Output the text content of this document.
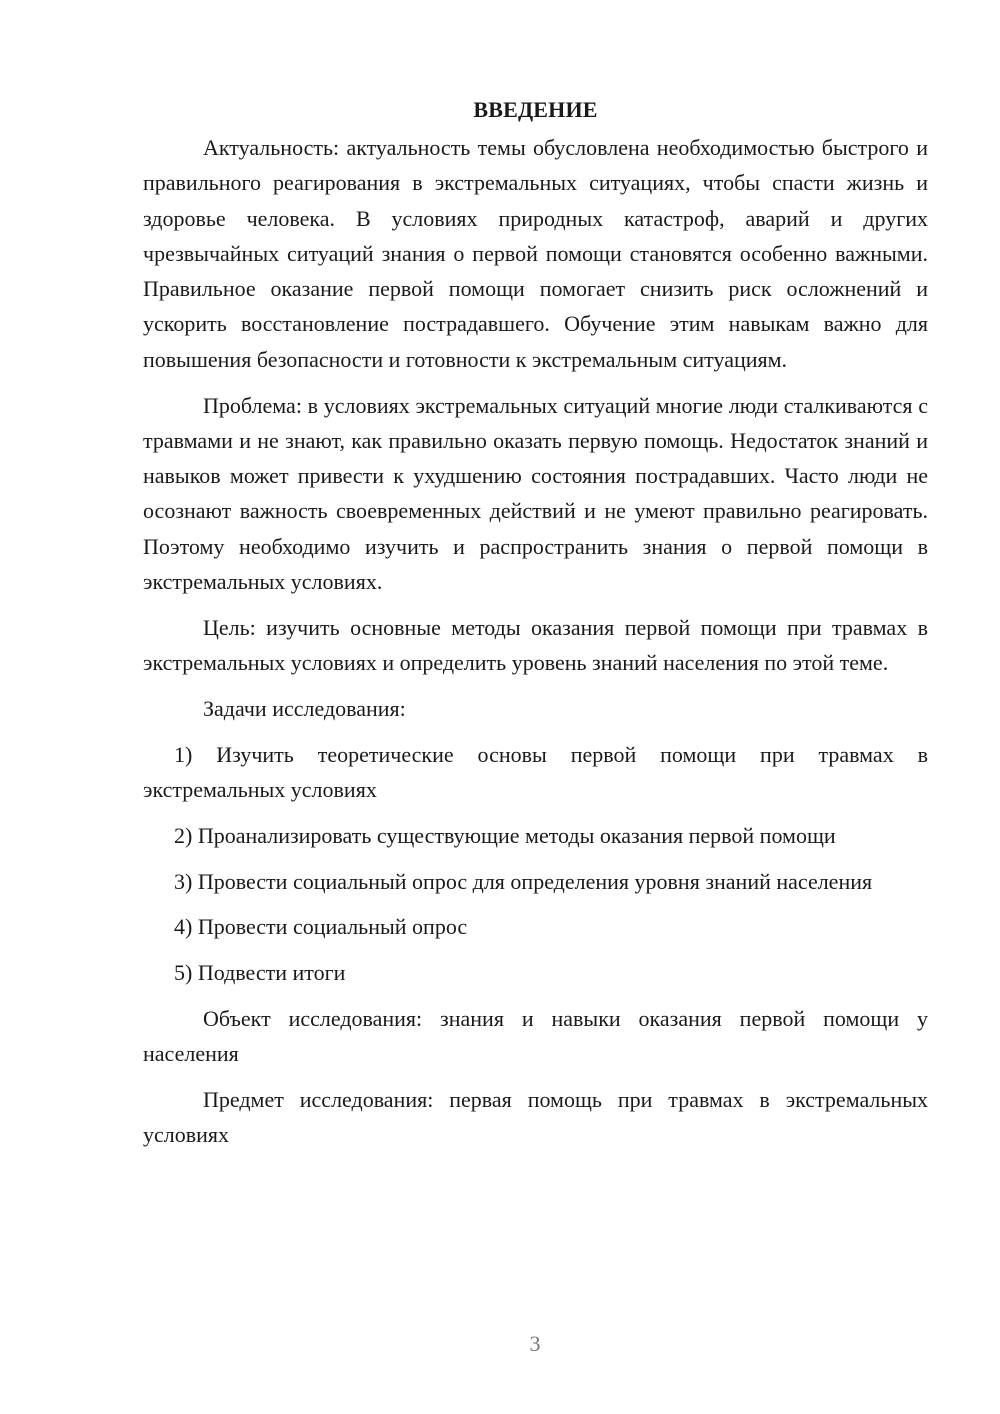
ВВЕДЕНИЕ

Актуальность: актуальность темы обусловлена необходимостью быстрого и правильного реагирования в экстремальных ситуациях, чтобы спасти жизнь и здоровье человека. В условиях природных катастроф, аварий и других чрезвычайных ситуаций знания о первой помощи становятся особенно важными. Правильное оказание первой помощи помогает снизить риск осложнений и ускорить восстановление пострадавшего. Обучение этим навыкам важно для повышения безопасности и готовности к экстремальным ситуациям.

Проблема: в условиях экстремальных ситуаций многие люди сталкиваются с травмами и не знают, как правильно оказать первую помощь. Недостаток знаний и навыков может привести к ухудшению состояния пострадавших. Часто люди не осознают важность своевременных действий и не умеют правильно реагировать. Поэтому необходимо изучить и распространить знания о первой помощи в экстремальных условиях.

Цель: изучить основные методы оказания первой помощи при травмах в экстремальных условиях и определить уровень знаний населения по этой теме.

Задачи исследования:

1) Изучить теоретические основы первой помощи при травмах в экстремальных условиях

2) Проанализировать существующие методы оказания первой помощи

3) Провести социальный опрос для определения уровня знаний населения

4) Провести социальный опрос

5) Подвести итоги

Объект исследования: знания и навыки оказания первой помощи у населения

Предмет исследования: первая помощь при травмах в экстремальных условиях

3
